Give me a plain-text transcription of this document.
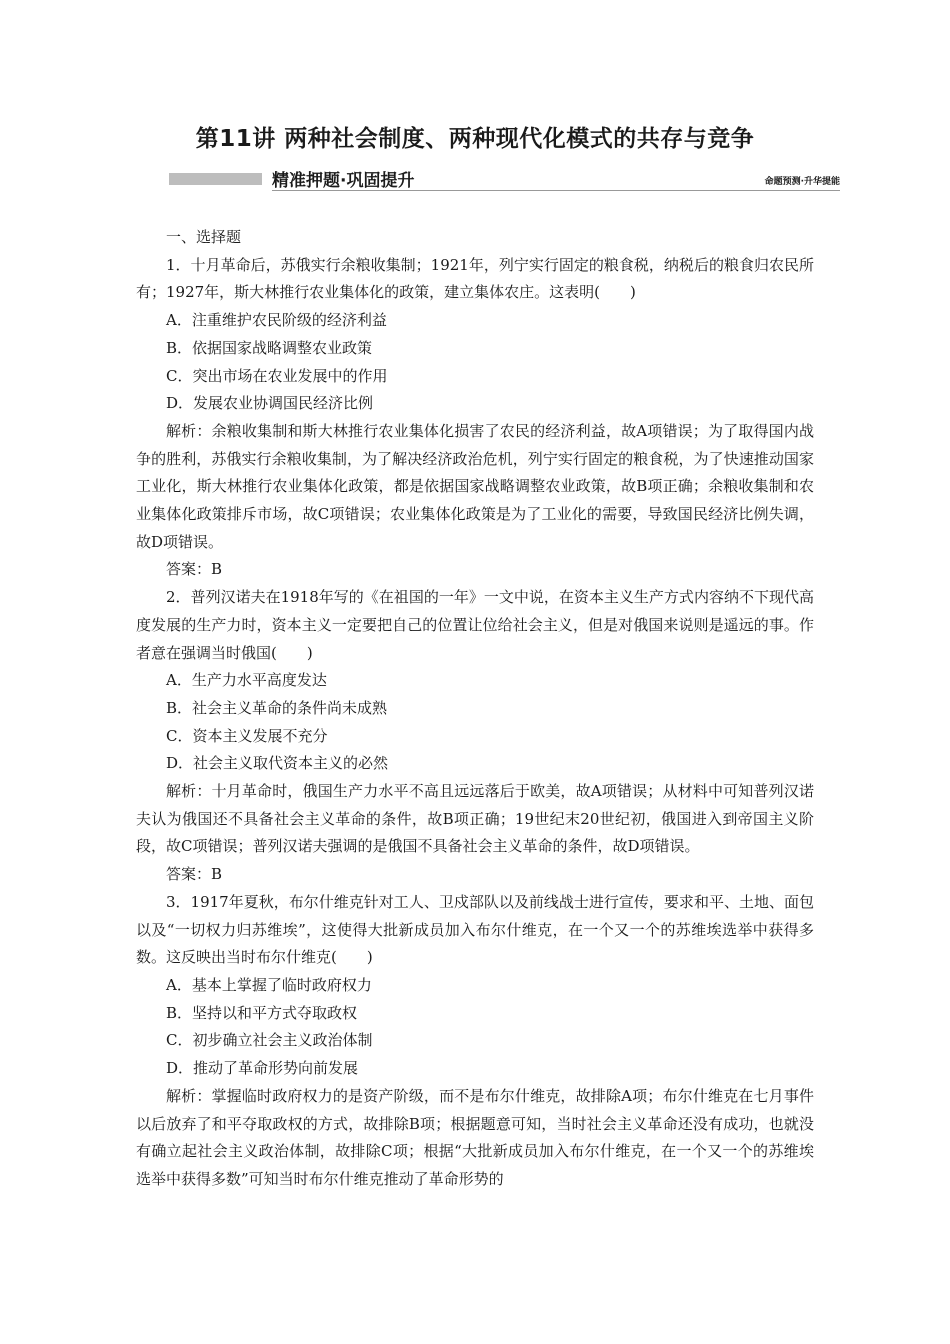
第11讲 两种社会制度、两种现代化模式的共存与竞争
精准押题·巩固提升	命题预测·升华提能

一、选择题

1．十月革命后，苏俄实行余粮收集制；1921年，列宁实行固定的粮食税，纳税后的粮食归农民所有；1927年，斯大林推行农业集体化的政策，建立集体农庄。这表明(　　)

A．注重维护农民阶级的经济利益

B．依据国家战略调整农业政策

C．突出市场在农业发展中的作用

D．发展农业协调国民经济比例

解析：余粮收集制和斯大林推行农业集体化损害了农民的经济利益，故A项错误；为了取得国内战争的胜利，苏俄实行余粮收集制，为了解决经济政治危机，列宁实行固定的粮食税，为了快速推动国家工业化，斯大林推行农业集体化政策，都是依据国家战略调整农业政策，故B项正确；余粮收集制和农业集体化政策排斥市场，故C项错误；农业集体化政策是为了工业化的需要，导致国民经济比例失调，故D项错误。

答案：B

2．普列汉诺夫在1918年写的《在祖国的一年》一文中说，在资本主义生产方式内容纳不下现代高度发展的生产力时，资本主义一定要把自己的位置让位给社会主义，但是对俄国来说则是遥远的事。作者意在强调当时俄国(　　)

A．生产力水平高度发达

B．社会主义革命的条件尚未成熟

C．资本主义发展不充分

D．社会主义取代资本主义的必然

解析：十月革命时，俄国生产力水平不高且远远落后于欧美，故A项错误；从材料中可知普列汉诺夫认为俄国还不具备社会主义革命的条件，故B项正确；19世纪末20世纪初，俄国进入到帝国主义阶段，故C项错误；普列汉诺夫强调的是俄国不具备社会主义革命的条件，故D项错误。

答案：B

3．1917年夏秋，布尔什维克针对工人、卫戍部队以及前线战士进行宣传，要求和平、土地、面包以及“一切权力归苏维埃”，这使得大批新成员加入布尔什维克，在一个又一个的苏维埃选举中获得多数。这反映出当时布尔什维克(　　)

A．基本上掌握了临时政府权力

B．坚持以和平方式夺取政权

C．初步确立社会主义政治体制

D．推动了革命形势向前发展

解析：掌握临时政府权力的是资产阶级，而不是布尔什维克，故排除A项；布尔什维克在七月事件以后放弃了和平夺取政权的方式，故排除B项；根据题意可知，当时社会主义革命还没有成功，也就没有确立起社会主义政治体制，故排除C项；根据“大批新成员加入布尔什维克，在一个又一个的苏维埃选举中获得多数”可知当时布尔什维克推动了革命形势的
